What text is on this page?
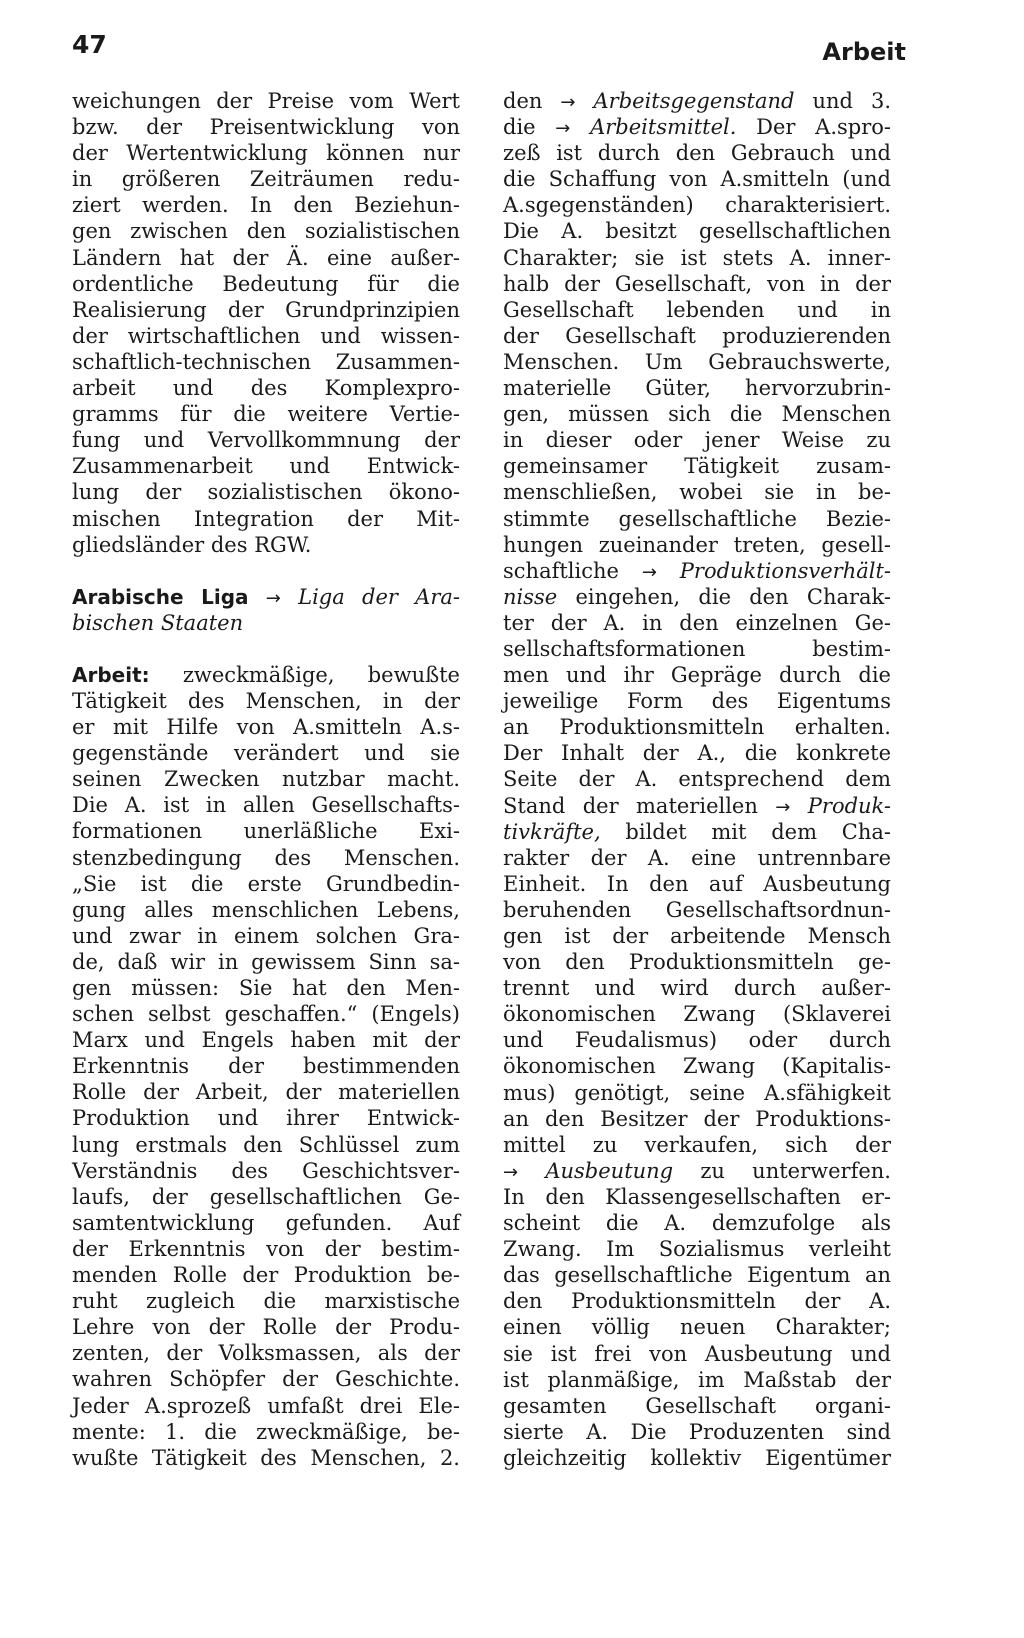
47	Arbeit
weichungen der Preise vom Wert
bzw. der Preisentwicklung von
der Wertentwicklung können nur
in größeren Zeiträumen redu-
ziert werden. In den Beziehun-
gen zwischen den sozialistischen
Ländern hat der Ä. eine außer-
ordentliche Bedeutung für die
Realisierung der Grundprinzipien
der wirtschaftlichen und wissen-
schaftlich-technischen Zusammen-
arbeit und des Komplexpro-
gramms für die weitere Vertie-
fung und Vervollkommnung der
Zusammenarbeit und Entwick-
lung der sozialistischen ökono-
mischen Integration der Mit-
gliedsländer des RGW.
Arabische Liga → Liga der Ara-
bischen Staaten
Arbeit: zweckmäßige, bewußte
Tätigkeit des Menschen, in der
er mit Hilfe von A.smitteln A.s-
gegenstände verändert und sie
seinen Zwecken nutzbar macht.
Die A. ist in allen Gesellschafts-
formationen unerläßliche Exi-
stenzbedingung des Menschen.
„Sie ist die erste Grundbedin-
gung alles menschlichen Lebens,
und zwar in einem solchen Gra-
de, daß wir in gewissem Sinn sa-
gen müssen: Sie hat den Men-
schen selbst geschaffen.“ (Engels)
Marx und Engels haben mit der
Erkenntnis der bestimmenden
Rolle der Arbeit, der materiellen
Produktion und ihrer Entwick-
lung erstmals den Schlüssel zum
Verständnis des Geschichtsver-
laufs, der gesellschaftlichen Ge-
samtentwicklung gefunden. Auf
der Erkenntnis von der bestim-
menden Rolle der Produktion be-
ruht zugleich die marxistische
Lehre von der Rolle der Produ-
zenten, der Volksmassen, als der
wahren Schöpfer der Geschichte.
Jeder A.sprozeß umfaßt drei Ele-
mente: 1. die zweckmäßige, be-
wußte Tätigkeit des Menschen, 2.
den → Arbeitsgegenstand und 3.
die → Arbeitsmittel. Der A.spro-
zeß ist durch den Gebrauch und
die Schaffung von A.smitteln (und
A.sgegenständen) charakterisiert.
Die A. besitzt gesellschaftlichen
Charakter; sie ist stets A. inner-
halb der Gesellschaft, von in der
Gesellschaft lebenden und in
der Gesellschaft produzierenden
Menschen. Um Gebrauchswerte,
materielle Güter, hervorzubrin-
gen, müssen sich die Menschen
in dieser oder jener Weise zu
gemeinsamer Tätigkeit zusam-
menschließen, wobei sie in be-
stimmte gesellschaftliche Bezie-
hungen zueinander treten, gesell-
schaftliche → Produktionsverhält-
nisse eingehen, die den Charak-
ter der A. in den einzelnen Ge-
sellschaftsformationen bestim-
men und ihr Gepräge durch die
jeweilige Form des Eigentums
an Produktionsmitteln erhalten.
Der Inhalt der A., die konkrete
Seite der A. entsprechend dem
Stand der materiellen → Produk-
tivkräfte, bildet mit dem Cha-
rakter der A. eine untrennbare
Einheit. In den auf Ausbeutung
beruhenden Gesellschaftsordnun-
gen ist der arbeitende Mensch
von den Produktionsmitteln ge-
trennt und wird durch außer-
ökonomischen Zwang (Sklaverei
und Feudalismus) oder durch
ökonomischen Zwang (Kapitalis-
mus) genötigt, seine A.sfähigkeit
an den Besitzer der Produktions-
mittel zu verkaufen, sich der
→ Ausbeutung zu unterwerfen.
In den Klassengesellschaften er-
scheint die A. demzufolge als
Zwang. Im Sozialismus verleiht
das gesellschaftliche Eigentum an
den Produktionsmitteln der A.
einen völlig neuen Charakter;
sie ist frei von Ausbeutung und
ist planmäßige, im Maßstab der
gesamten Gesellschaft organi-
sierte A. Die Produzenten sind
gleichzeitig kollektiv Eigentümer
